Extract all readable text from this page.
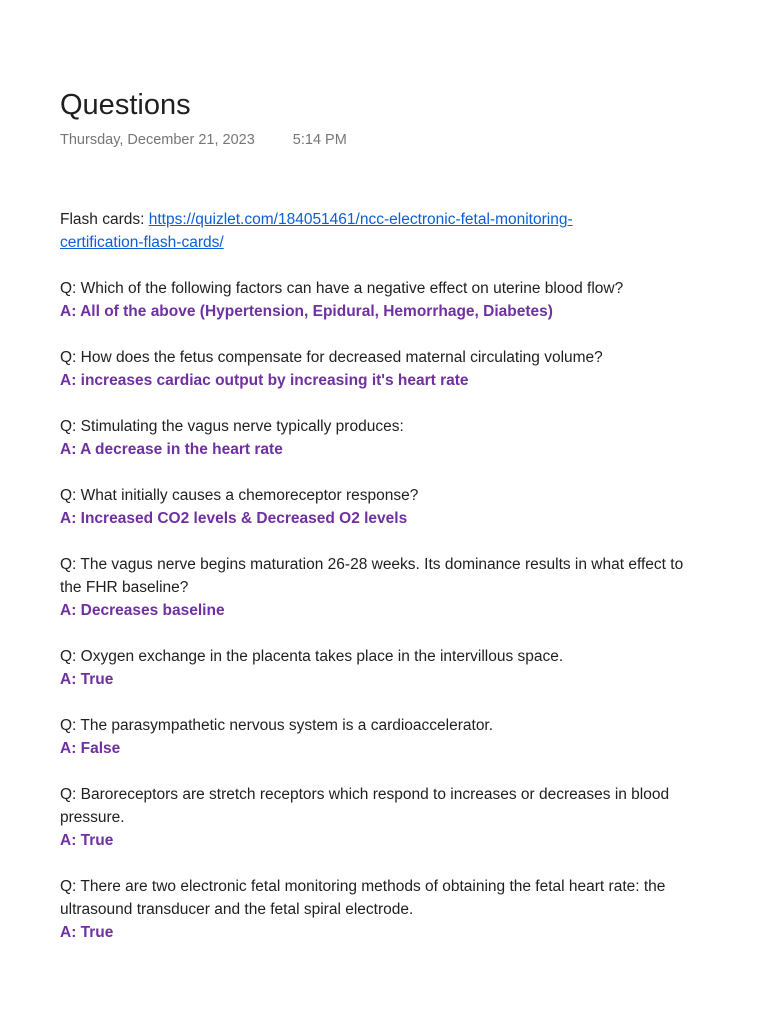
Questions
Thursday, December 21, 2023	5:14 PM

Flash cards: https://quizlet.com/184051461/ncc-electronic-fetal-monitoring-
certification-flash-cards/

Q: Which of the following factors can have a negative effect on uterine blood flow?

A: All of the above (Hypertension, Epidural, Hemorrhage, Diabetes)

Q: How does the fetus compensate for decreased maternal circulating volume?

A: increases cardiac output by increasing it's heart rate

Q: Stimulating the vagus nerve typically produces:

A: A decrease in the heart rate

Q: What initially causes a chemoreceptor response?

A: Increased CO2 levels & Decreased O2 levels

Q: The vagus nerve begins maturation 26-28 weeks. Its dominance results in what effect to the FHR baseline?

A: Decreases baseline

Q: Oxygen exchange in the placenta takes place in the intervillous space.

A: True

Q: The parasympathetic nervous system is a cardioaccelerator.

A: False

Q: Baroreceptors are stretch receptors which respond to increases or decreases in blood pressure.

A: True

Q: There are two electronic fetal monitoring methods of obtaining the fetal heart rate: the ultrasound transducer and the fetal spiral electrode.

A: True
